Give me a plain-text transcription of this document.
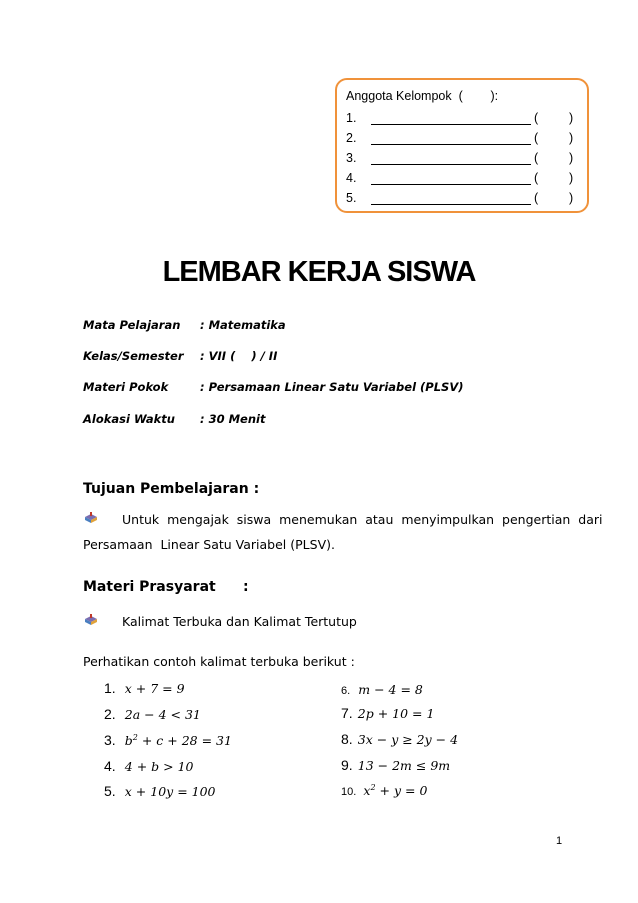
Anggota Kelompok  (        ):
1.	( )
2.	( )
3.	( )
4.	( )
5.	( )
LEMBAR KERJA SISWA
Mata Pelajaran : Matematika
Kelas/Semester : VII (    ) / II
Materi Pokok	: Persamaan Linear Satu Variabel (PLSV)
Alokasi Waktu : 30 Menit
Tujuan Pembelajaran :
Untuk  mengajak  siswa  menemukan  atau  menyimpulkan  pengertian  dari
Persamaan  Linear Satu Variabel (PLSV).
Materi Prasyarat :
Kalimat Terbuka dan Kalimat Tertutup
Perhatikan contoh kalimat terbuka berikut :
1. 𝑥 + 7 = 9
2. 2𝑎 − 4 < 31
3. 𝑏$^2$ + 𝑐 + 28 = 31
4. 4 + 𝑏 > 10
5. 𝑥 + 10𝑦 = 100
6. 𝑚 − 4 = 8
7. 2𝑝 + 10 = 1
8. 3𝑥 − 𝑦 ≥ 2𝑦 − 4
9. 13 − 2𝑚 ≤ 9𝑚
10. 𝑥$^2$ + 𝑦 = 0
1
